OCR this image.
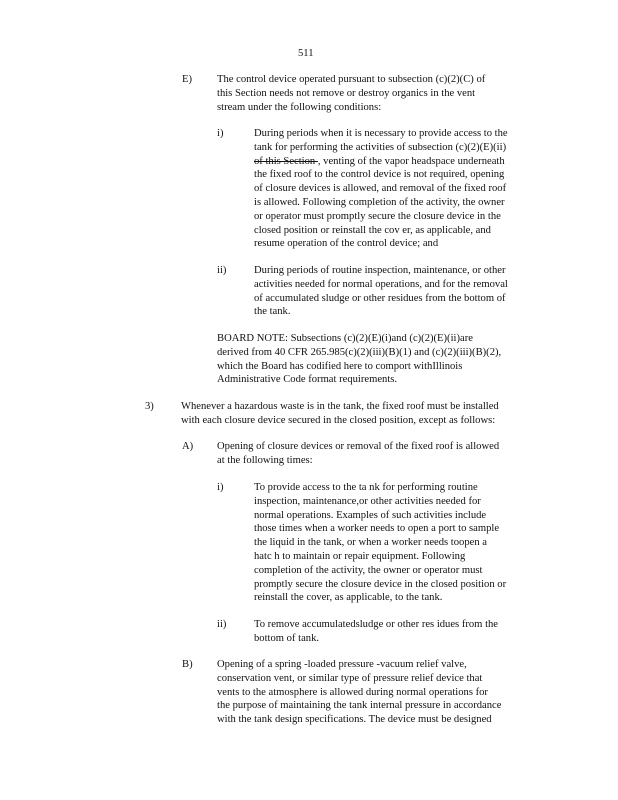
511
E) The control device operated pursuant to subsection (c)(2)(C) of
this Section needs not remove or destroy organics in the vent
stream under the following conditions:
i)	During periods when it is necessary to provide access to the
tank for performing the activities of subsection (c)(2)(E)(ii)
of this Section , venting of the vapor headspace underneath
the fixed roof to the control device is not required, opening
of closure devices is allowed, and removal of the fixed roof
is allowed. Following completion of the activity, the owner
or operator must promptly secure the closure device in the
closed position or reinstall the cov er, as applicable, and
resume operation of the control device; and
ii)	During periods of routine inspection, maintenance, or other
activities needed for normal operations, and for the removal
of accumulated sludge or other residues from the bottom of
the tank.
BOARD NOTE: Subsections (c)(2)(E)(i)and (c)(2)(E)(ii)are
derived from 40 CFR 265.985(c)(2)(iii)(B)(1) and (c)(2)(iii)(B)(2),
which the Board has codified here to comport withIllinois
Administrative Code format requirements.
3)	Whenever a hazardous waste is in the tank, the fixed roof must be installed
with each closure device secured in the closed position, except as follows:
A) Opening of closure devices or removal of the fixed roof is allowed
at the following times:
i)	To provide access to the ta nk for performing routine
inspection, maintenance,or other activities needed for
normal operations. Examples of such activities include
those times when a worker needs to open a port to sample
the liquid in the tank, or when a worker needs toopen a
hatc h to maintain or repair equipment. Following
completion of the activity, the owner or operator must
promptly secure the closure device in the closed position or
reinstall the cover, as applicable, to the tank.
ii)	To remove accumulatedsludge or other res idues from the
bottom of tank.
B) Opening of a spring -loaded pressure -vacuum relief valve,
conservation vent, or similar type of pressure relief device that
vents to the atmosphere is allowed during normal operations for
the purpose of maintaining the tank internal pressure in accordance
with the tank design specifications. The device must be designed
